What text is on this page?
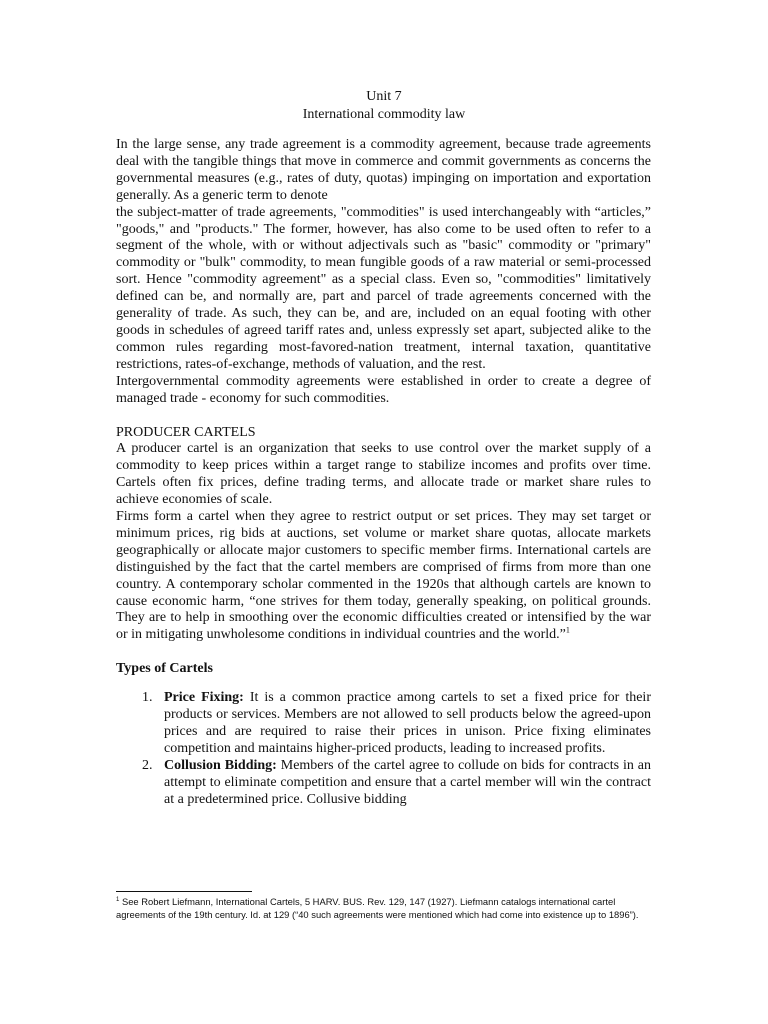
Unit 7
International commodity law

In the large sense, any trade agreement is a commodity agreement, because trade agreements deal with the tangible things that move in commerce and commit governments as concerns the governmental measures (e.g., rates of duty, quotas) impinging on importation and exportation generally. As a generic term to denote

the subject-matter of trade agreements, "commodities" is used interchangeably with “articles,” "goods," and "products." The former, however, has also come to be used often to refer to a segment of the whole, with or without adjectivals such as "basic" commodity or "primary" commodity or "bulk" commodity, to mean fungible goods of a raw material or semi-processed sort. Hence "commodity agreement" as a special class. Even so, "commodities" limitatively defined can be, and normally are, part and parcel of trade agreements concerned with the generality of trade. As such, they can be, and are, included on an equal footing with other goods in schedules of agreed tariff rates and, unless expressly set apart, subjected alike to the common rules regarding most-favored-nation treatment, internal taxation, quantitative restrictions, rates-of-exchange, methods of valuation, and the rest.

Intergovernmental commodity agreements were established in order to create a degree of managed trade - economy for such commodities.

PRODUCER CARTELS

A producer cartel is an organization that seeks to use control over the market supply of a commodity to keep prices within a target range to stabilize incomes and profits over time. Cartels often fix prices, define trading terms, and allocate trade or market share rules to achieve economies of scale.

Firms form a cartel when they agree to restrict output or set prices. They may set target or minimum prices, rig bids at auctions, set volume or market share quotas, allocate markets geographically or allocate major customers to specific member firms. International cartels are distinguished by the fact that the cartel members are comprised of firms from more than one country. A contemporary scholar commented in the 1920s that although cartels are known to cause economic harm, “one strives for them today, generally speaking, on political grounds. They are to help in smoothing over the economic difficulties created or intensified by the war or in mitigating unwholesome conditions in individual countries and the world.”$^1$

Types of Cartels

1. Price Fixing: It is a common practice among cartels to set a fixed price for their products or services. Members are not allowed to sell products below the agreed-upon prices and are required to raise their prices in unison. Price fixing eliminates competition and maintains higher-priced products, leading to increased profits.
2. Collusion Bidding: Members of the cartel agree to collude on bids for contracts in an attempt to eliminate competition and ensure that a cartel member will win the contract at a predetermined price. Collusive bidding
$^1$ See Robert Liefmann, International Cartels, 5 HARV. BUS. Rev. 129, 147 (1927). Liefmann catalogs international cartel agreements of the 19th century. Id. at 129 (“40 such agreements were mentioned which had come into existence up to 1896”).
